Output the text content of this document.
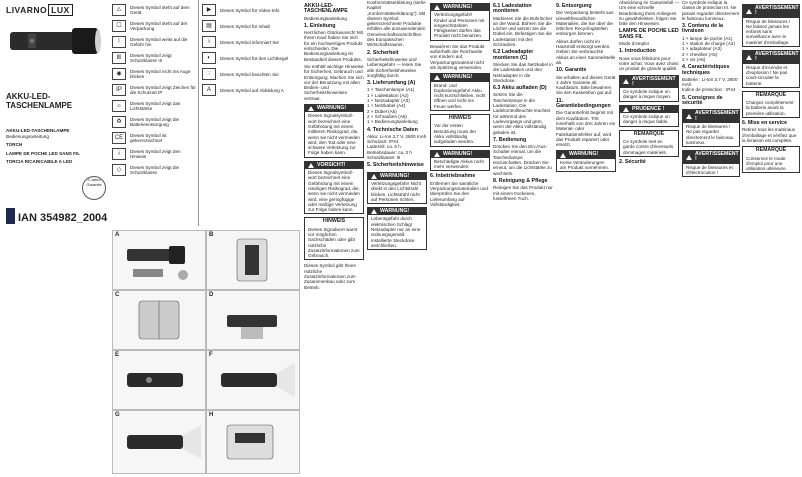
LIVARNO LUX
AKKU-LED-TASCHENLAMPE
AKKU-LED-TASCHENLAMPE
Bedienungsanleitung
TORCH
LAMPE DE POCHE LED SANS FIL
TORCIA RICARICABILE A LED
3 Jahre Garantie
IAN 354982_2004
⚠	Dieses Symbol steht auf dem Gerät
☐	Dieses Symbol steht auf der Verpackung
!	Dieses Symbol weist auf die Gefahr hin
Ⅲ	Dieses Symbol zeigt Schutzklasse III
◉	Dieses Symbol nicht ins Auge blicken
IP	Dieses Symbol zeigt Zeichen für die Schutzart IP
☼	Dieses Symbol zeigt das Lichtstärke
♻	Dieses Symbol zeigt die Batterieentsorgung
CE	Dieses Symbol ist gekennzeichnet
i	Dieses Symbol zeigt den Hinweis
◇	Dieses Symbol zeigt die Schutzklasse
▶	Dieses Symbol für Video-Info
▤	Dieses Symbol für Inhalt
i	Dieses Symbol informiert Sie
◐	Dieses Symbol für den Lichtkegel
☞	Dieses Symbol beachten Sie
A	Dieses Symbol auf Abbildung A
A	B
C	D
E	F
G	H
AKKU-LED-TASCHENLAMPE
Bedienungsanleitung
1. Einleitung

Herzlichen Glückwunsch! Mit Ihrem Kauf haben Sie sich für ein hochwertiges Produkt entschieden. Die Bedienungsanleitung ist Bestandteil dieses Produkts.

Sie enthält wichtige Hinweise für Sicherheit, Gebrauch und Entsorgung. Machen Sie sich vor der Benutzung mit allen Bedien- und Sicherheitshinweisen vertraut.

WARNUNG!
Dieses Signalsymbol/-wort bezeichnet eine Gefährdung mit einem mittleren Risikograd, die, wenn sie nicht vermieden wird, den Tod oder eine schwere Verletzung zur Folge haben kann.
VORSICHT!
Dieses Signalsymbol/-wort bezeichnet eine Gefährdung mit einem niedrigen Risikograd, die, wenn sie nicht vermieden wird, eine geringfügige oder mäßige Verletzung zur Folge haben kann.
HINWEIS
Dieses Signalwort warnt vor möglichen Sachschäden oder gibt nützliche Zusatzinformationen zum Gebrauch.

Dieses Symbol gibt Ihnen nützliche Zusatzinformationen zum Zusammenbau oder zum Betrieb.

Konformitätserklärung (siehe Kapitel „Konformitätserklärung“): Mit diesem Symbol gekennzeichnete Produkte erfüllen alle anzuwendenden Gemeinschaftsvorschriften des Europäischen Wirtschaftsraums.

2. Sicherheit

Sicherheitshinweise und Lebensgefahr — lesen Sie alle Sicherheitshinweise sorgfältig durch.

3. Lieferumfang (A)

1 × Taschenlampe (A1)
1 × Ladestation (A2)
1 × Netzadapter (A3)
1 × Netzkabel (A4)
2 × Dübel (A5)
2 × Schrauben (A6)
1 × Bedienungsanleitung

4. Technische Daten

Akku: Li-Ion 3,7 V, 2600 mAh
Schutzart: IP44
Ladezeit: ca. 5 h
Betriebsdauer: ca. 3 h
Schutzklasse: III

5. Sicherheitshinweise
WARNUNG!
Verletzungsgefahr! Nicht direkt in den Lichtstrahl blicken. Lichtstrahl nicht auf Personen richten.
WARNUNG!
Lebensgefahr durch elektrischen Schlag! Netzadapter nur an eine ordnungsgemäß installierte Steckdose anschließen.
WARNUNG!
Verletzungsgefahr! Kinder und Personen mit eingeschränkten Fähigkeiten dürfen das Produkt nicht benutzen.

Bewahren Sie das Produkt außerhalb der Reichweite von Kindern auf. Verpackungsmaterial nicht als Spielzeug verwenden.

WARNUNG!
Brand- und Explosionsgefahr! Akku nicht kurzschließen, nicht öffnen und nicht ins Feuer werfen.
HINWEIS
Vor der ersten Benutzung muss der Akku vollständig aufgeladen werden.
WARNUNG!
Beschädigte Akkus nicht mehr verwenden.
6. Inbetriebnahme

Entfernen Sie sämtliche Verpackungsmaterialien und überprüfen Sie den Lieferumfang auf Vollständigkeit.

6.1 Ladestation montieren

Markieren Sie die Bohrlöcher an der Wand. Bohren Sie die Löcher und setzen Sie die Dübel ein. Befestigen Sie die Ladestation mit den Schrauben.

6.2 Ladeadapter montieren (C)

Stecken Sie das Netzkabel in die Ladestation und den Netzadapter in die Steckdose.

6.3 Akku aufladen (D)

Setzen Sie die Taschenlampe in die Ladestation. Die Ladekontrollleuchte leuchtet rot während des Ladevorgangs und grün, wenn der Akku vollständig geladen ist.

7. Bedienung

Drücken Sie den Ein-/Aus-Schalter einmal, um die Taschenlampe einzuschalten. Drücken Sie erneut, um die Lichtstärke zu wechseln.

8. Reinigung & Pflege

Reinigen Sie das Produkt nur mit einem trockenen, fusselfreien Tuch.

9. Entsorgung

Die Verpackung besteht aus umweltfreundlichen Materialien, die Sie über die örtlichen Recyclingstellen entsorgen können.

Akkus dürfen nicht im Hausmüll entsorgt werden. Geben Sie verbrauchte Akkus an einer Sammelstelle ab.

10. Garantie

Sie erhalten auf dieses Gerät 3 Jahre Garantie ab Kaufdatum. Bitte bewahren Sie den Kassenbon gut auf.

11. Garantiebedingungen

Die Garantiefrist beginnt mit dem Kaufdatum. Tritt innerhalb von drei Jahren ein Material- oder Fabrikationsfehler auf, wird das Produkt repariert oder ersetzt.

WARNUNG!
Keine Veränderungen am Produkt vornehmen.

Abwicklung im Garantiefall — Um eine schnelle Bearbeitung Ihres Anliegens zu gewährleisten, folgen Sie bitte den Hinweisen.

LAMPE DE POCHE LED SANS FIL
Mode d'emploi
1. Introduction

Nous vous félicitons pour votre achat. Vous avez choisi un produit de grande qualité.

AVERTISSEMENT !
Ce symbole indique un danger à risque moyen.
PRUDENCE !
Ce symbole indique un danger à risque faible.
REMARQUE
Ce symbole met en garde contre d'éventuels dommages matériels.
2. Sécurité

Ce symbole indique la classe de protection III. Ne jamais regarder directement le faisceau lumineux.

3. Contenu de la livraison

1 × lampe de poche (A1)
1 × station de charge (A2)
1 × adaptateur (A3)
2 × chevilles (A5)
2 × vis (A6)

4. Caractéristiques techniques

Batterie : Li-Ion 3,7 V, 2600 mAh
Indice de protection : IP44

5. Consignes de sécurité
AVERTISSEMENT !
Risque de blessures ! Ne pas regarder directement le faisceau lumineux.
AVERTISSEMENT !
Risque de blessures et d'électrocution !
AVERTISSEMENT !
Risque de blessures ! Ne laissez jamais les enfants sans surveillance avec le matériel d'emballage.
AVERTISSEMENT !
Risque d'incendie et d'explosion ! Ne pas court-circuiter la batterie.
REMARQUE
Chargez complètement la batterie avant la première utilisation.
6. Mise en service

Retirez tous les matériaux d'emballage et vérifiez que la livraison est complète.

REMARQUE
Conservez le mode d'emploi pour une utilisation ultérieure.
